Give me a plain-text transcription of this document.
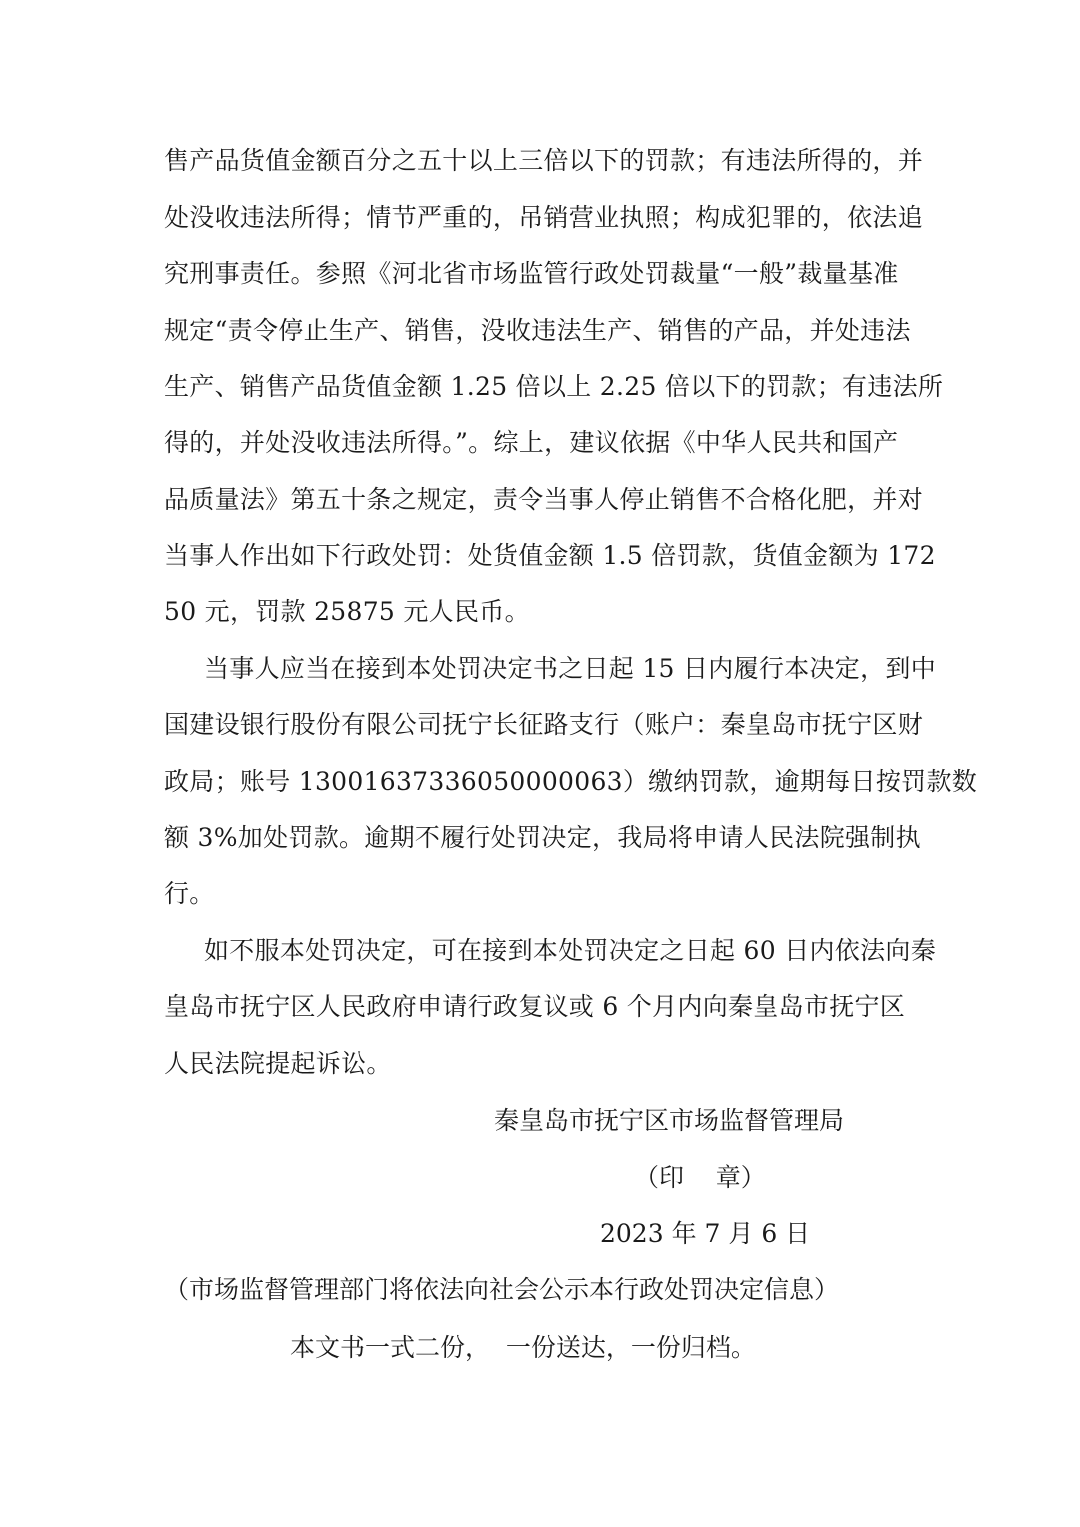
售产品货值金额百分之五十以上三倍以下的罚款；有违法所得的，并
处没收违法所得；情节严重的，吊销营业执照；构成犯罪的，依法追
究刑事责任。参照《河北省市场监管行政处罚裁量“一般”裁量基准
规定“责令停止生产、销售，没收违法生产、销售的产品，并处违法
生产、销售产品货值金额 1.25 倍以上 2.25 倍以下的罚款；有违法所
得的，并处没收违法所得。”。综上，建议依据《中华人民共和国产
品质量法》第五十条之规定，责令当事人停止销售不合格化肥，并对
当事人作出如下行政处罚：处货值金额 1.5 倍罚款，货值金额为 172
50 元，罚款 25875 元人民币。
当事人应当在接到本处罚决定书之日起 15 日内履行本决定，到中
国建设银行股份有限公司抚宁长征路支行（账户：秦皇岛市抚宁区财
政局；账号 13001637336050000063）缴纳罚款，逾期每日按罚款数
额 3%加处罚款。逾期不履行处罚决定，我局将申请人民法院强制执
行。
如不服本处罚决定，可在接到本处罚决定之日起 60 日内依法向秦
皇岛市抚宁区人民政府申请行政复议或 6 个月内向秦皇岛市抚宁区
人民法院提起诉讼。
秦皇岛市抚宁区市场监督管理局
（印    章）
2023 年 7 月 6 日
（市场监督管理部门将依法向社会公示本行政处罚决定信息）
本文书一式二份，  一份送达，一份归档。
